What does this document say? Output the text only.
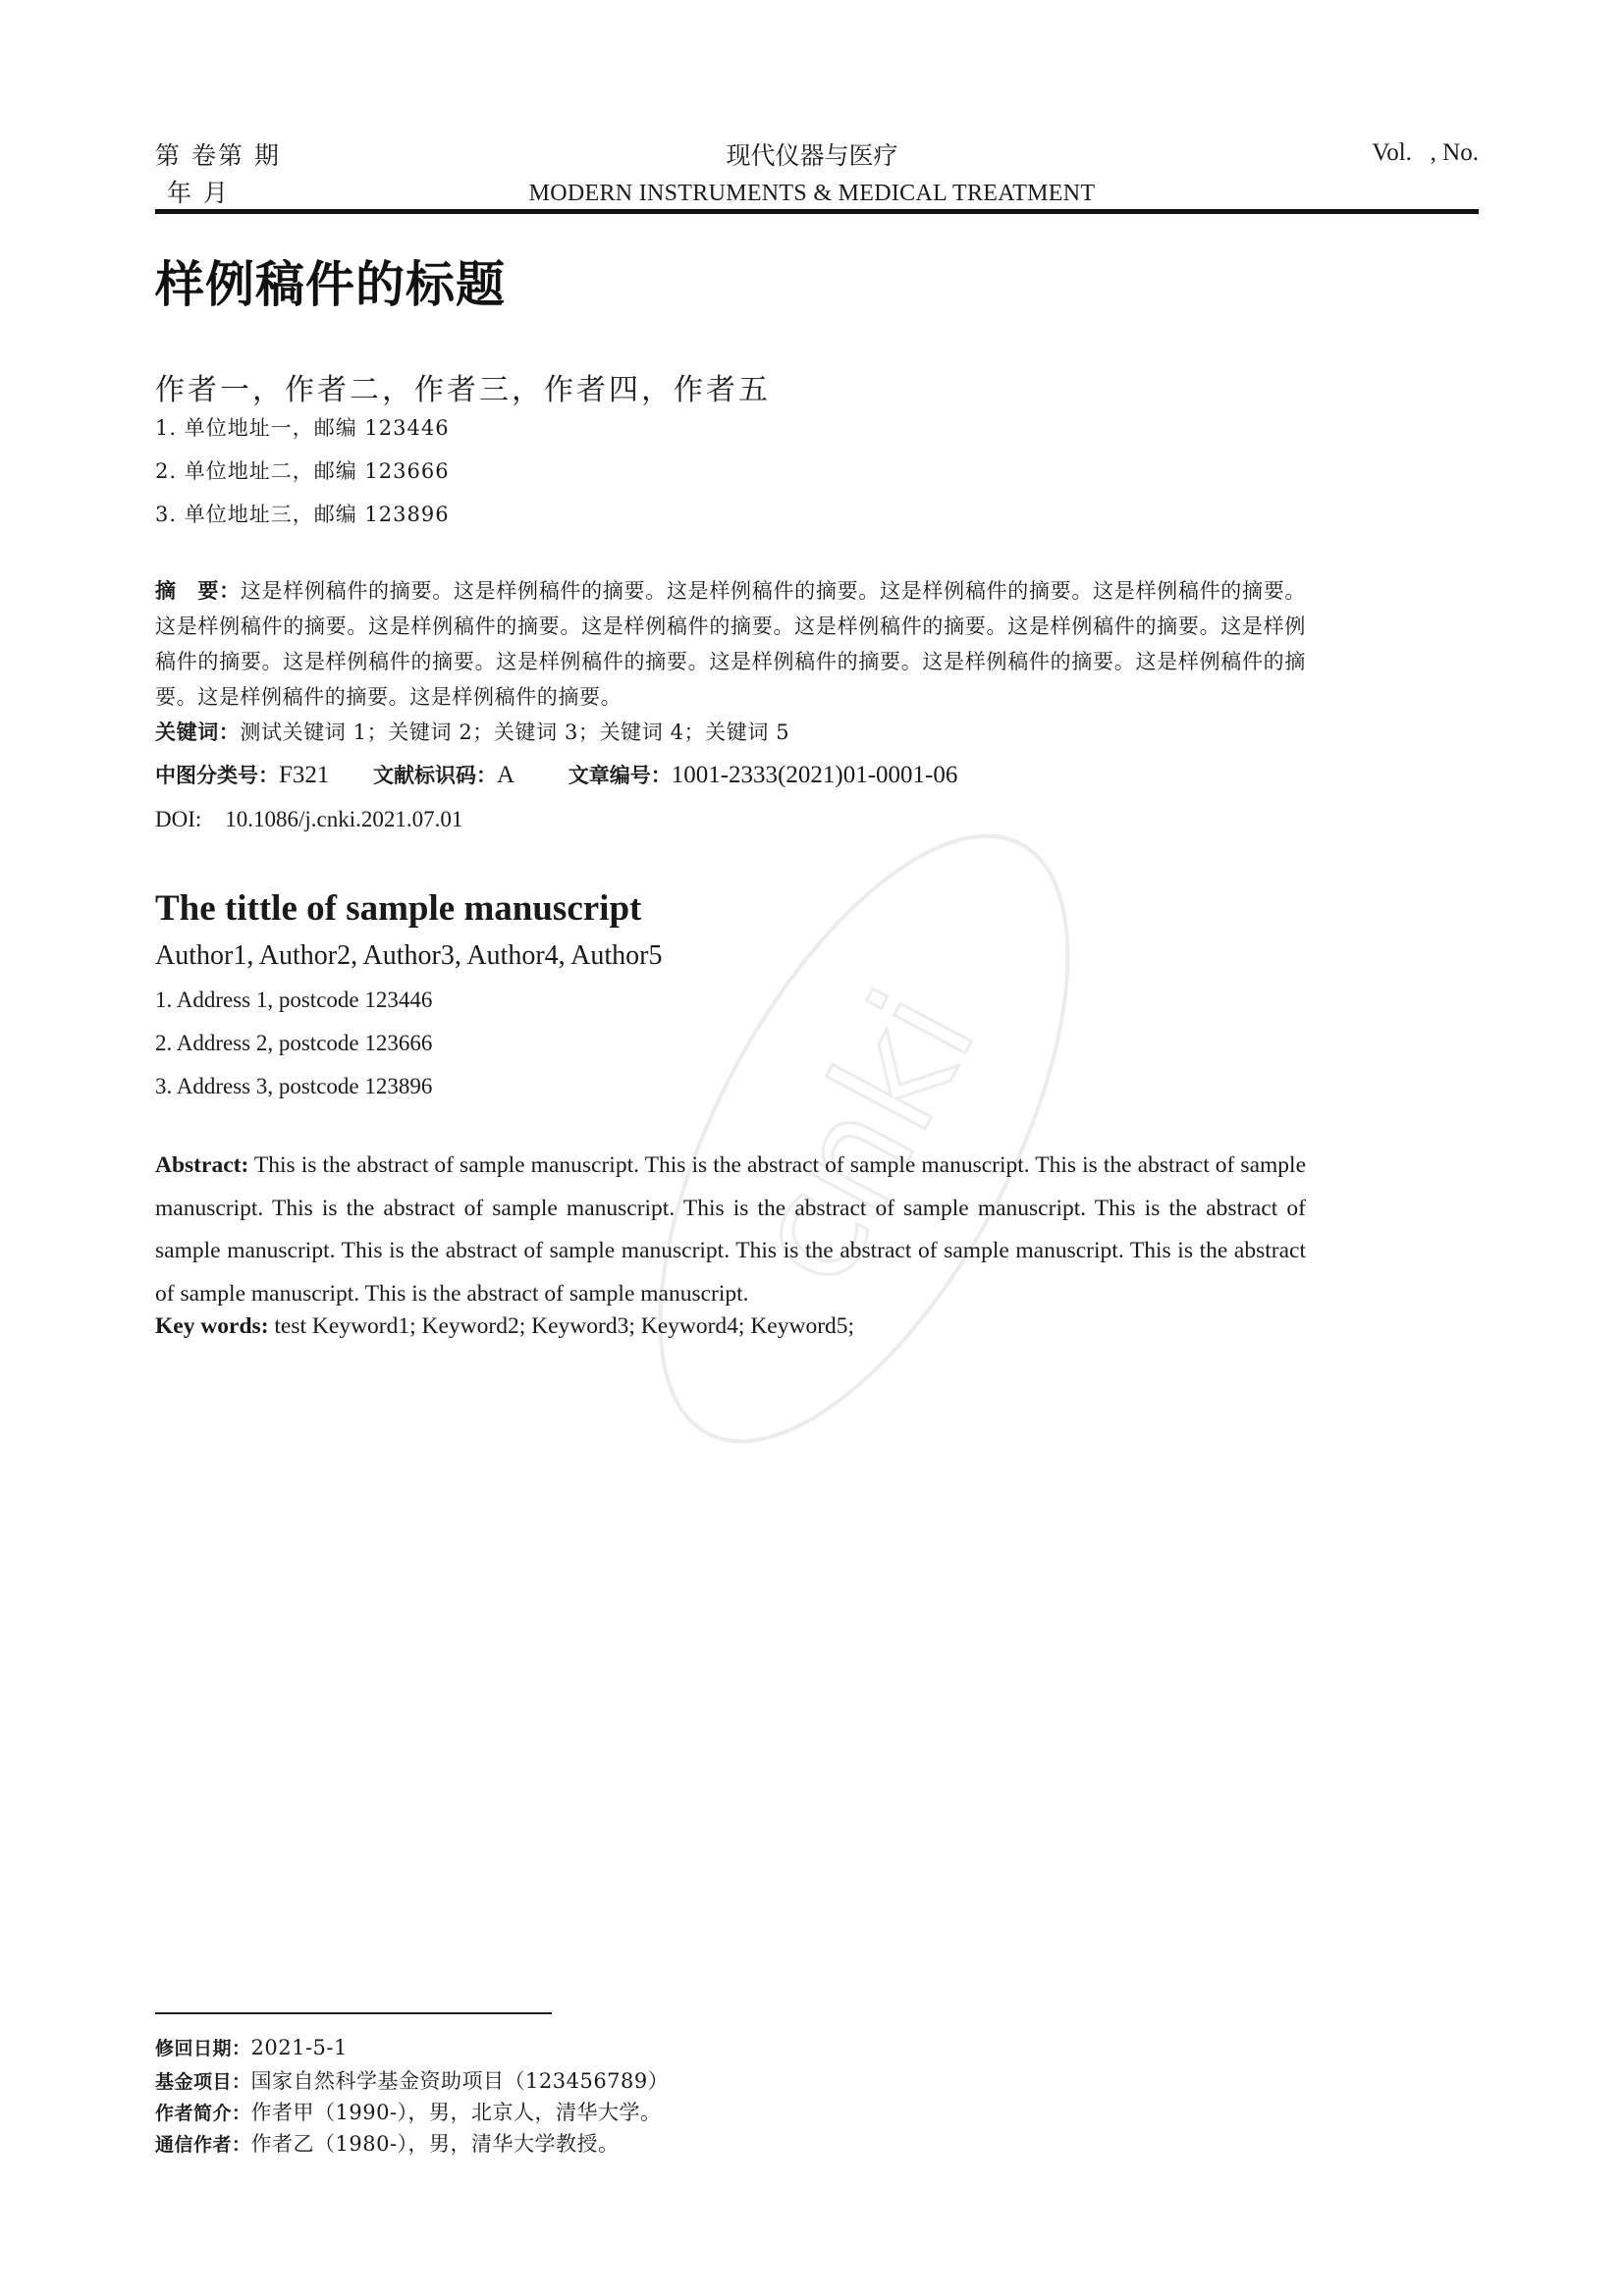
第 卷第 期
年 月
现代仪器与医疗
MODERN INSTRUMENTS & MEDICAL TREATMENT
Vol.   , No.
cnki
样例稿件的标题
作者一，作者二，作者三，作者四，作者五
1. 单位地址一，邮编 123446
2. 单位地址二，邮编 123666
3. 单位地址三，邮编 123896
摘　要：这是样例稿件的摘要。这是样例稿件的摘要。这是样例稿件的摘要。这是样例稿件的摘要。这是样例稿件的摘要。这是样例稿件的摘要。这是样例稿件的摘要。这是样例稿件的摘要。这是样例稿件的摘要。这是样例稿件的摘要。这是样例稿件的摘要。这是样例稿件的摘要。这是样例稿件的摘要。这是样例稿件的摘要。这是样例稿件的摘要。这是样例稿件的摘要。这是样例稿件的摘要。这是样例稿件的摘要。
关键词：测试关键词 1；关键词 2；关键词 3；关键词 4；关键词 5
中图分类号：F321 文献标识码：A	文章编号：1001-2333(2021)01-0001-06
DOI: 10.1086/j.cnki.2021.07.01
The tittle of sample manuscript
Author1, Author2, Author3, Author4, Author5
1. Address 1, postcode 123446
2. Address 2, postcode 123666
3. Address 3, postcode 123896
Abstract: This is the abstract of sample manuscript. This is the abstract of sample manuscript. This is the abstract of sample manuscript. This is the abstract of sample manuscript. This is the abstract of sample manuscript. This is the abstract of sample manuscript. This is the abstract of sample manuscript. This is the abstract of sample manuscript. This is the abstract of sample manuscript. This is the abstract of sample manuscript.
Key words: test Keyword1; Keyword2; Keyword3; Keyword4; Keyword5;
修回日期：2021-5-1
基金项目：国家自然科学基金资助项目（123456789）
作者简介：作者甲（1990-），男，北京人，清华大学。
通信作者：作者乙（1980-），男，清华大学教授。
